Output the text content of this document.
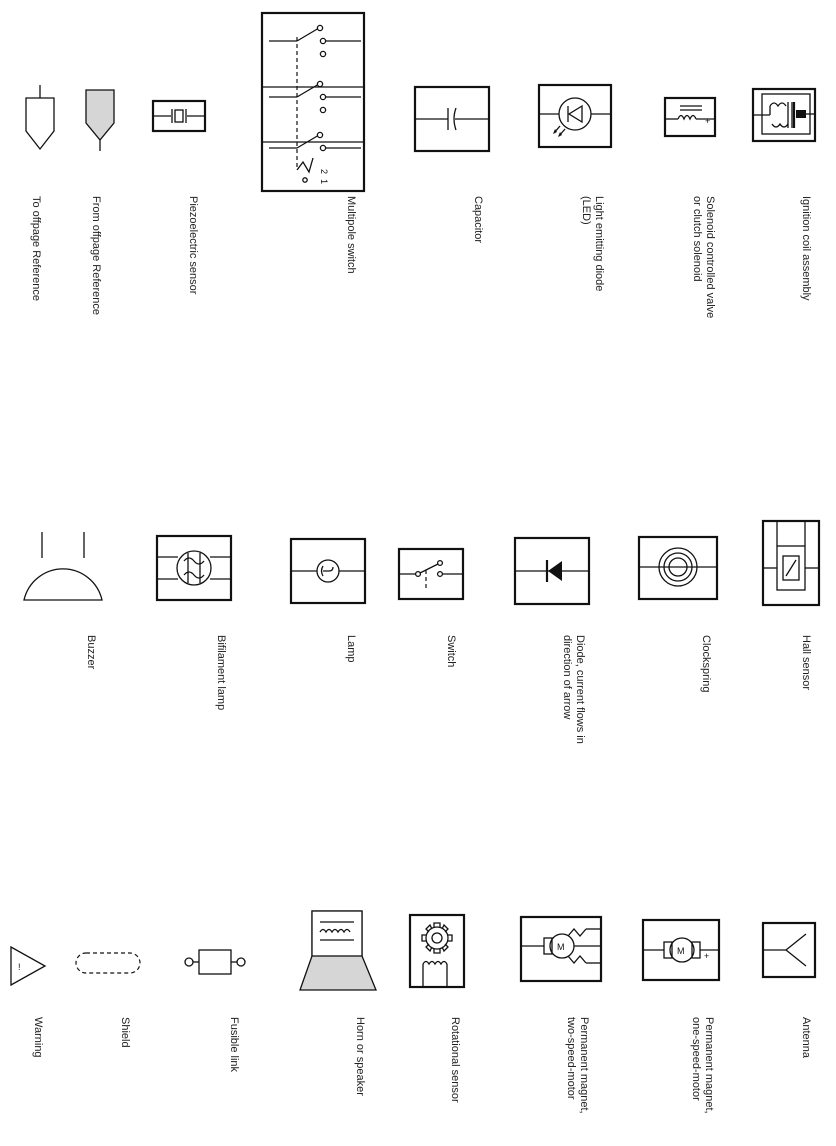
To offpage Reference	From offpage Reference	Piezoelectric sensor
2
1
Multipole switch	Capacitor	Light emitting diode
(LED)
+
Solenoid controlled valve
or clutch solenoid	Ignition coil assembly
Buzzer	Bifilament lamp	Lamp	Switch	Diode, current flows in
direction of arrow	Clockspring	Hall sensor
!
Warning	Shield	Fusible link	Horn or speaker	Rotational sensor
M
Permanent magnet,
two-speed-motor
M +
Permanent magnet,
one-speed-motor	Antenna
